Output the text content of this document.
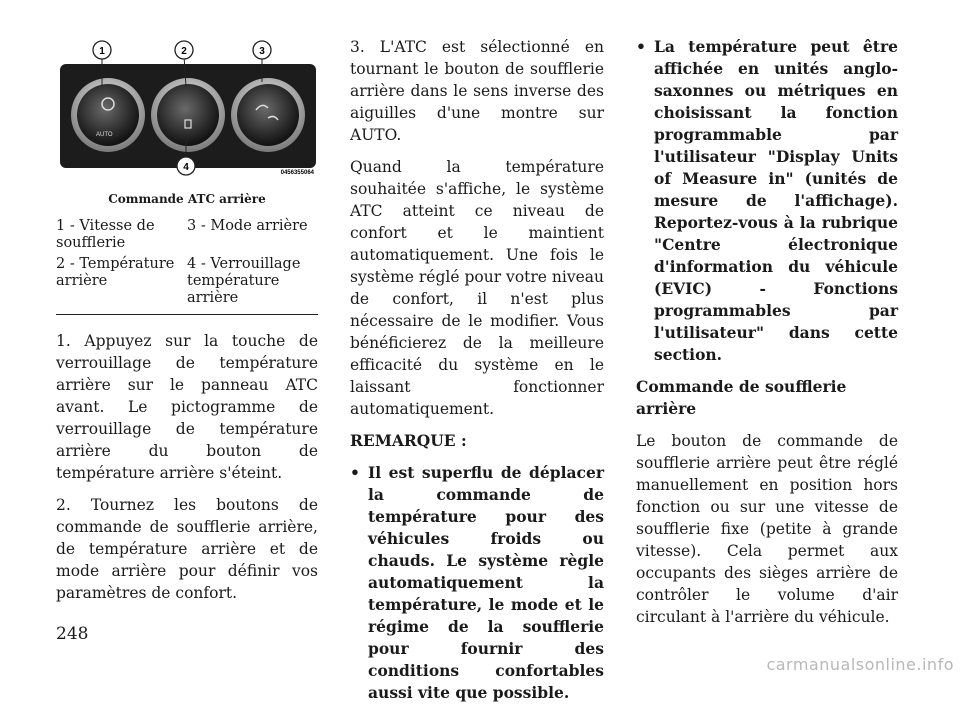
1	2	3
4
AUTO
0456355064
Commande ATC arrière
1 - Vitesse de soufflerie
3 - Mode arrière
2 - Température arrière
4 - Verrouillage température arrière

1. Appuyez sur la touche de verrouillage de température arrière sur le panneau ATC avant. Le pictogramme de verrouillage de température arrière du bouton de température arrière s'éteint.

2. Tournez les boutons de commande de soufflerie arrière, de température arrière et de mode arrière pour définir vos paramètres de confort.

3. L'ATC est sélectionné en tournant le bouton de soufflerie arrière dans le sens inverse des aiguilles d'une montre sur AUTO.

Quand la température souhaitée s'affiche, le système ATC atteint ce niveau de confort et le maintient automatiquement. Une fois le système réglé pour votre niveau de confort, il n'est plus nécessaire de le modifier. Vous bénéficierez de la meilleure efficacité du système en le laissant fonctionner automatiquement.

REMARQUE :

• Il est superflu de déplacer la commande de température pour des véhicules froids ou chauds. Le système règle automatiquement la température, le mode et le régime de la soufflerie pour fournir des conditions confortables aussi vite que possible.
• La température peut être affichée en unités anglo-saxonnes ou métriques en choisissant la fonction programmable par l'utilisateur "Display Units of Measure in" (unités de mesure de l'affichage). Reportez-vous à la rubrique "Centre électronique d'information du véhicule (EVIC) - Fonctions programmables par l'utilisateur" dans cette section.

Commande de soufflerie arrière

Le bouton de commande de soufflerie arrière peut être réglé manuellement en position hors fonction ou sur une vitesse de soufflerie fixe (petite à grande vitesse). Cela permet aux occupants des sièges arrière de contrôler le volume d'air circulant à l'arrière du véhicule.

248
carmanualsonline.info
